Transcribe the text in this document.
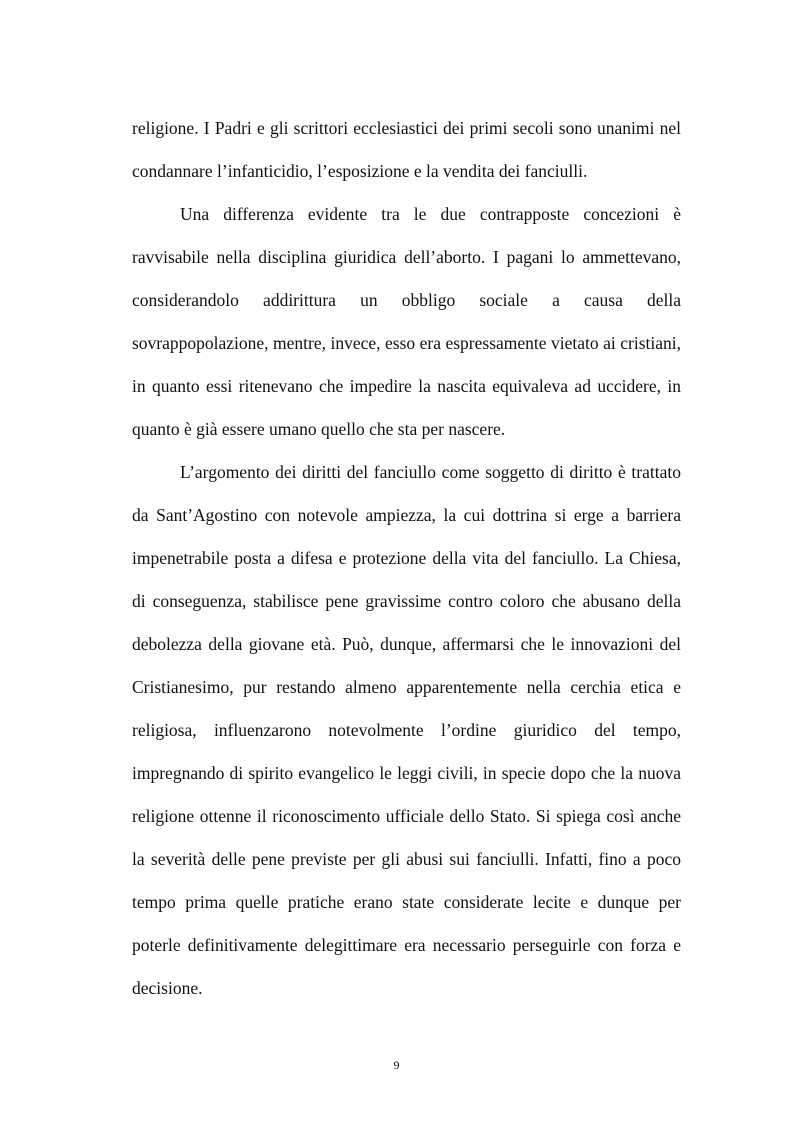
religione. I Padri e gli scrittori ecclesiastici dei primi secoli sono unanimi nel condannare l’infanticidio, l’esposizione e la vendita dei fanciulli.

Una differenza evidente tra le due contrapposte concezioni è ravvisabile nella disciplina giuridica dell’aborto. I pagani lo ammettevano, considerandolo addirittura un obbligo sociale a causa della sovrappopolazione, mentre, invece, esso era espressamente vietato ai cristiani, in quanto essi ritenevano che impedire la nascita equivaleva ad uccidere, in quanto è già essere umano quello che sta per nascere.

L’argomento dei diritti del fanciullo come soggetto di diritto è trattato da Sant’Agostino con notevole ampiezza, la cui dottrina si erge a barriera impenetrabile posta a difesa e protezione della vita del fanciullo. La Chiesa, di conseguenza, stabilisce pene gravissime contro coloro che abusano della debolezza della giovane età. Può, dunque, affermarsi che le innovazioni del Cristianesimo, pur restando almeno apparentemente nella cerchia etica e religiosa, influenzarono notevolmente l’ordine giuridico del tempo, impregnando di spirito evangelico le leggi civili, in specie dopo che la nuova religione ottenne il riconoscimento ufficiale dello Stato. Si spiega così anche la severità delle pene previste per gli abusi sui fanciulli. Infatti, fino a poco tempo prima quelle pratiche erano state considerate lecite e dunque per poterle definitivamente delegittimare era necessario perseguirle con forza e decisione.

9
